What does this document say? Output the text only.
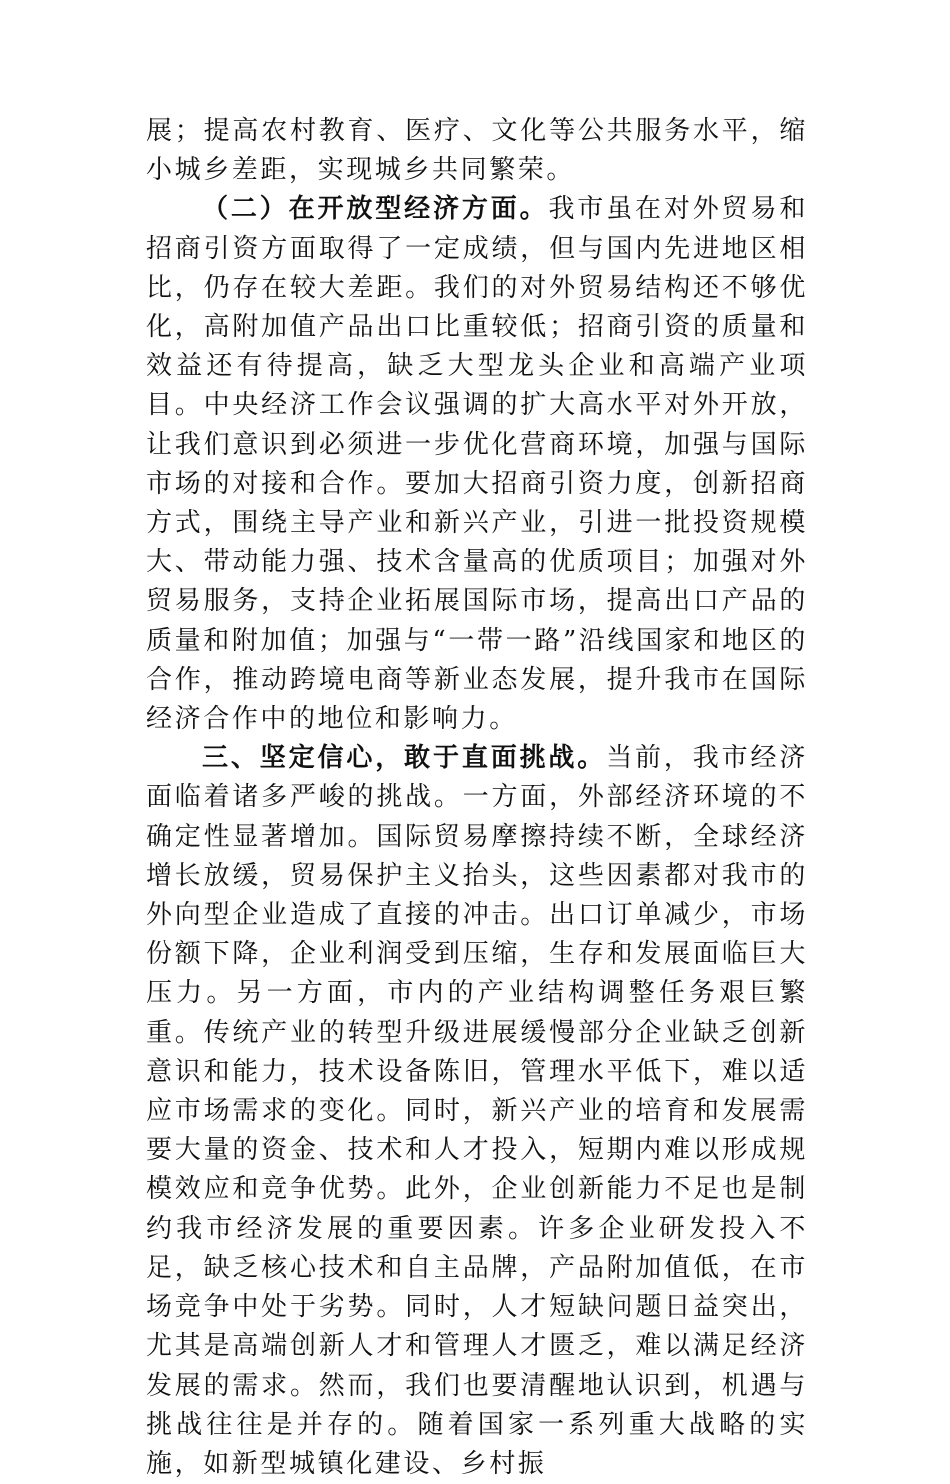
展；提高农村教育、医疗、文化等公共服务水平，缩小城乡差距，实现城乡共同繁荣。

（二）在开放型经济方面。我市虽在对外贸易和招商引资方面取得了一定成绩，但与国内先进地区相比，仍存在较大差距。我们的对外贸易结构还不够优化，高附加值产品出口比重较低；招商引资的质量和效益还有待提高，缺乏大型龙头企业和高端产业项目。中央经济工作会议强调的扩大高水平对外开放，让我们意识到必须进一步优化营商环境，加强与国际市场的对接和合作。要加大招商引资力度，创新招商方式，围绕主导产业和新兴产业，引进一批投资规模大、带动能力强、技术含量高的优质项目；加强对外贸易服务，支持企业拓展国际市场，提高出口产品的质量和附加值；加强与“一带一路”沿线国家和地区的合作，推动跨境电商等新业态发展，提升我市在国际经济合作中的地位和影响力。

三、坚定信心，敢于直面挑战。当前，我市经济面临着诸多严峻的挑战。一方面，外部经济环境的不确定性显著增加。国际贸易摩擦持续不断，全球经济增长放缓，贸易保护主义抬头，这些因素都对我市的外向型企业造成了直接的冲击。出口订单减少，市场份额下降，企业利润受到压缩，生存和发展面临巨大压力。另一方面，市内的产业结构调整任务艰巨繁重。传统产业的转型升级进展缓慢部分企业缺乏创新意识和能力，技术设备陈旧，管理水平低下，难以适应市场需求的变化。同时，新兴产业的培育和发展需要大量的资金、技术和人才投入，短期内难以形成规模效应和竞争优势。此外，企业创新能力不足也是制约我市经济发展的重要因素。许多企业研发投入不足，缺乏核心技术和自主品牌，产品附加值低，在市场竞争中处于劣势。同时，人才短缺问题日益突出，尤其是高端创新人才和管理人才匮乏，难以满足经济发展的需求。然而，我们也要清醒地认识到，机遇与挑战往往是并存的。随着国家一系列重大战略的实施，如新型城镇化建设、乡村振
